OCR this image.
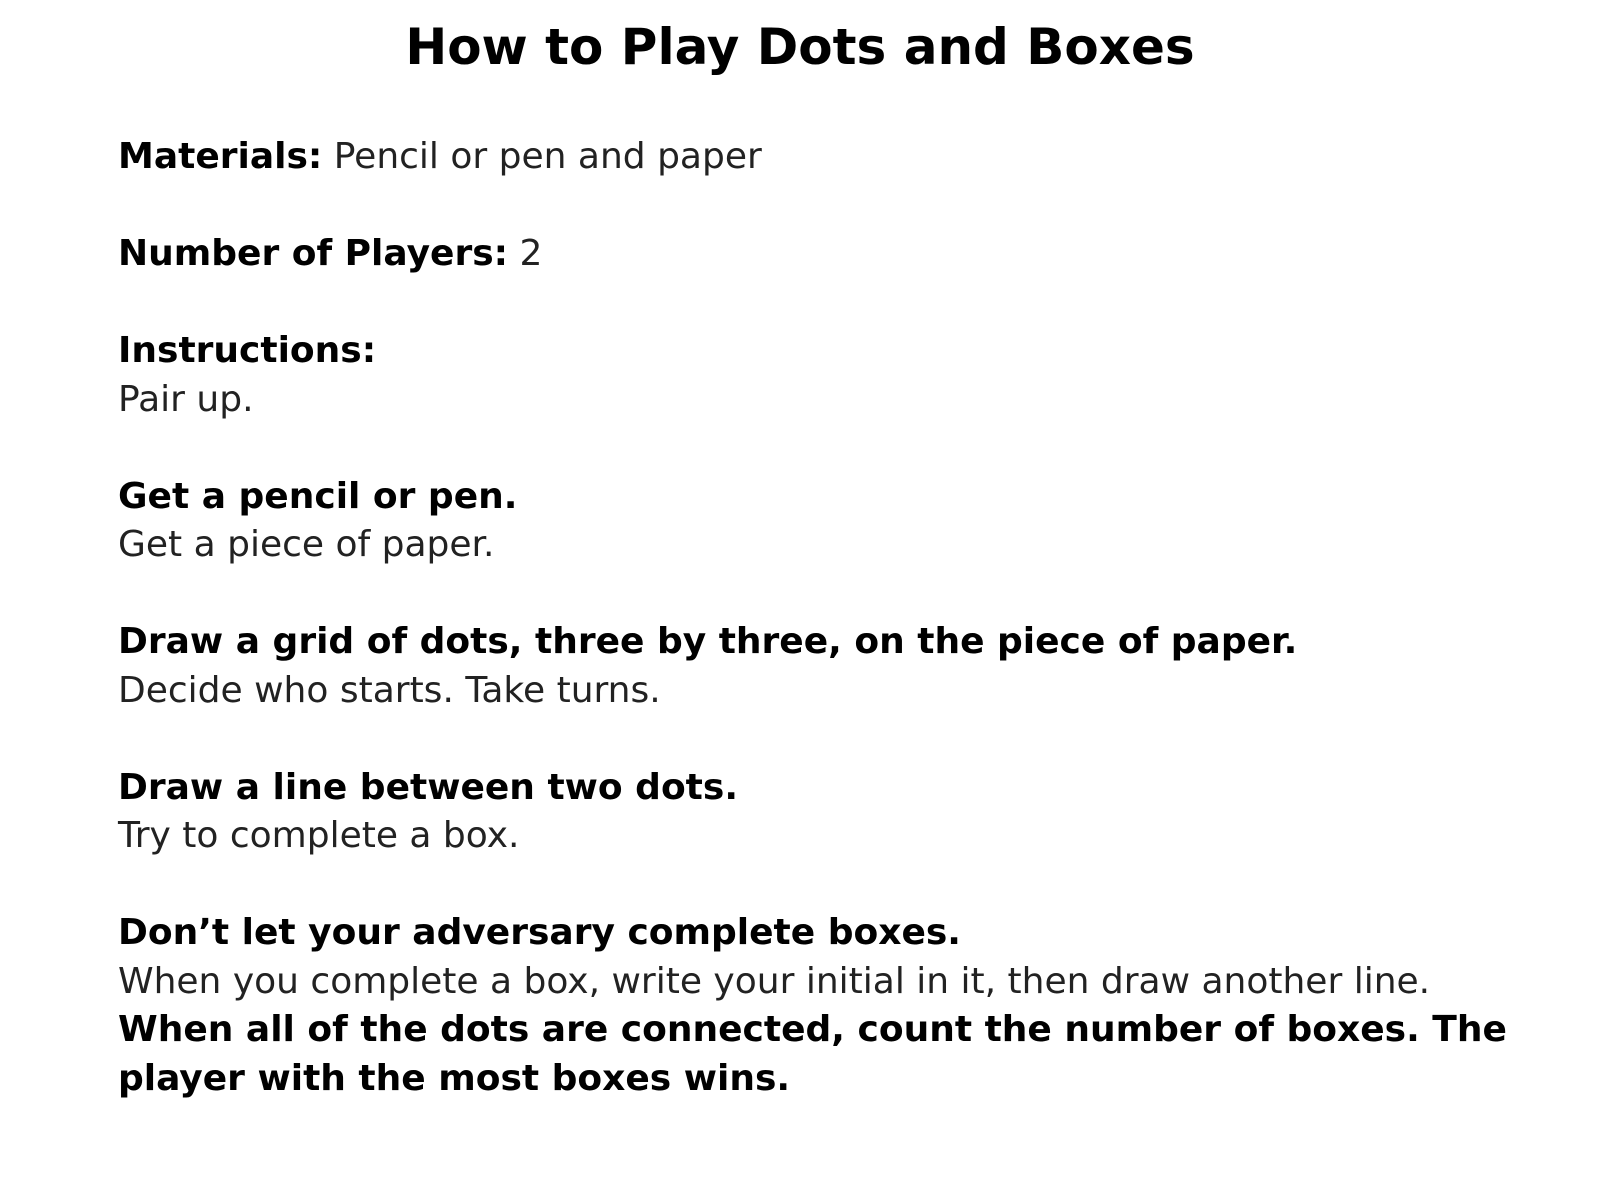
How to Play Dots and Boxes
Materials: Pencil or pen and paper
Number of Players: 2
Instructions:
Pair up.
Get a pencil or pen.
Get a piece of paper.
Draw a grid of dots, three by three, on the piece of paper.
Decide who starts. Take turns.
Draw a line between two dots.
Try to complete a box.
Don’t let your adversary complete boxes.
When you complete a box, write your initial in it, then draw another line.
When all of the dots are connected, count the number of boxes. The player with the most boxes wins.
